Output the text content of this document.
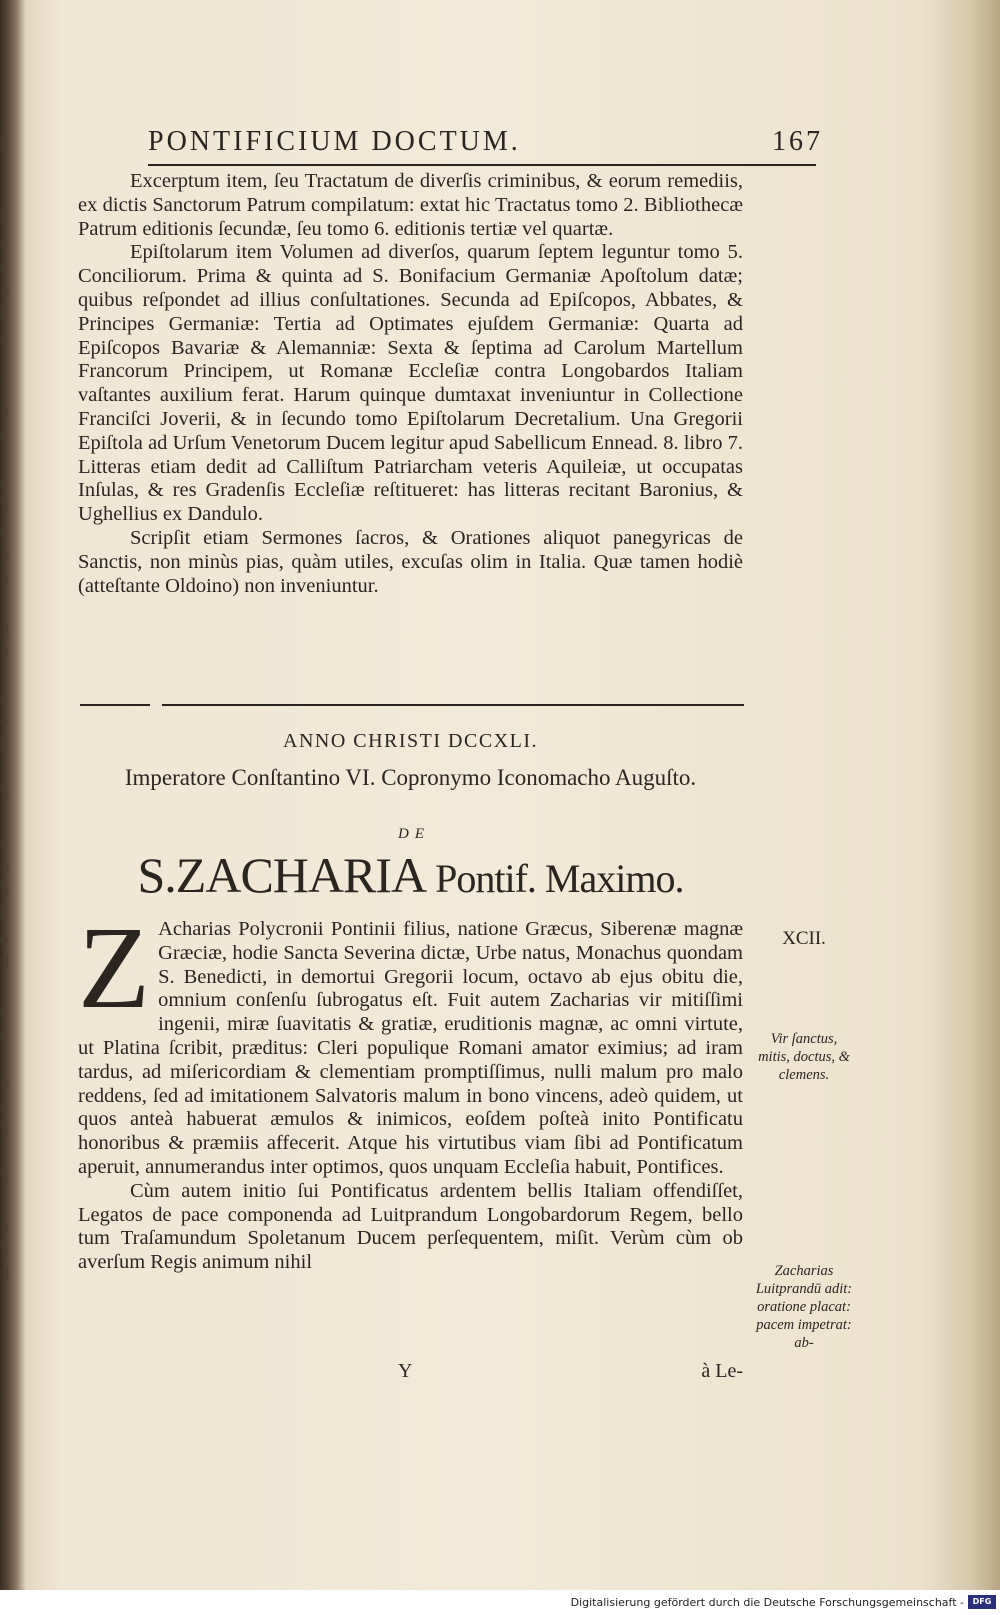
l

I
l
c
c
b
l
i

n
s

c
u
c
p
n

q
n

c
e
l

u

t
p
h
l
o
d

c
c

b
i
u

u

n
u
d
PONTIFICIUM DOCTUM.	167

Excerptum item, ſeu Tractatum de diverſis criminibus, & eorum remediis, ex dictis Sanctorum Patrum compilatum: extat hic Tractatus tomo 2. Bibliothecæ Patrum editionis ſecundæ, ſeu tomo 6. editionis tertiæ vel quartæ.

Epiſtolarum item Volumen ad diverſos, quarum ſeptem leguntur tomo 5. Conciliorum. Prima & quinta ad S. Bonifacium Germaniæ Apoſtolum datæ; quibus reſpondet ad illius conſultationes. Secunda ad Epiſcopos, Abbates, & Principes Germaniæ: Tertia ad Optimates ejuſdem Germaniæ: Quarta ad Epiſcopos Bavariæ & Alemanniæ: Sexta & ſeptima ad Carolum Martellum Francorum Principem, ut Romanæ Eccleſiæ contra Longobardos Italiam vaſtantes auxilium ferat. Harum quinque dumtaxat inveniuntur in Collectione Franciſci Joverii, & in ſecundo tomo Epiſtolarum Decretalium. Una Gregorii Epiſtola ad Urſum Venetorum Ducem legitur apud Sabellicum Ennead. 8. libro 7. Litteras etiam dedit ad Calliſtum Patriarcham veteris Aquileiæ, ut occupatas Inſulas, & res Gradenſis Eccleſiæ reſtitueret: has litteras recitant Baronius, & Ughellius ex Dandulo.

Scripſit etiam Sermones ſacros, & Orationes aliquot panegyricas de Sanctis, non minùs pias, quàm utiles, excuſas olim in Italia. Quæ tamen hodiè (atteſtante Oldoino) non inveniuntur.

ANNO CHRISTI DCCXLI.
Imperatore Conſtantino VI. Copronymo Iconomacho Auguſto.
DE
S.ZACHARIA Pontif. Maximo.

Z Acharias Polycronii Pontinii filius, natione Græcus, Siberenæ magnæ Græciæ, hodie Sancta Severina dictæ, Urbe natus, Monachus quondam S. Benedicti, in demortui Gregorii locum, octavo ab ejus obitu die, omnium conſenſu ſubrogatus eſt. Fuit autem Zacharias vir mitiſſimi ingenii, miræ ſuavitatis & gratiæ, eruditionis magnæ, ac omni virtute, ut Platina ſcribit, præditus: Cleri populique Romani amator eximius; ad iram tardus, ad miſericordiam & clementiam promptiſſimus, nulli malum pro malo reddens, ſed ad imitationem Salvatoris malum in bono vincens, adeò quidem, ut quos anteà habuerat æmulos & inimicos, eoſdem poſteà inito Pontificatu honoribus & præmiis affecerit. Atque his virtutibus viam ſibi ad Pontificatum aperuit, annumerandus inter optimos, quos unquam Eccleſia habuit, Pontifices.

Cùm autem initio ſui Pontificatus ardentem bellis Italiam offendiſſet, Legatos de pace componenda ad Luitprandum Longobardorum Regem, bello tum Traſamundum Spoletanum Ducem perſequentem, miſit. Verùm cùm ob averſum Regis animum nihil

XCII.
Vir ſanctus, mitis, doctus, & clemens.
Zacharias Luitprandū adit: oratione placat: pacem impetrat: ab-
Y	à Le-
Digitalisierung gefördert durch die Deutsche Forschungsgemeinschaft -	DFG
